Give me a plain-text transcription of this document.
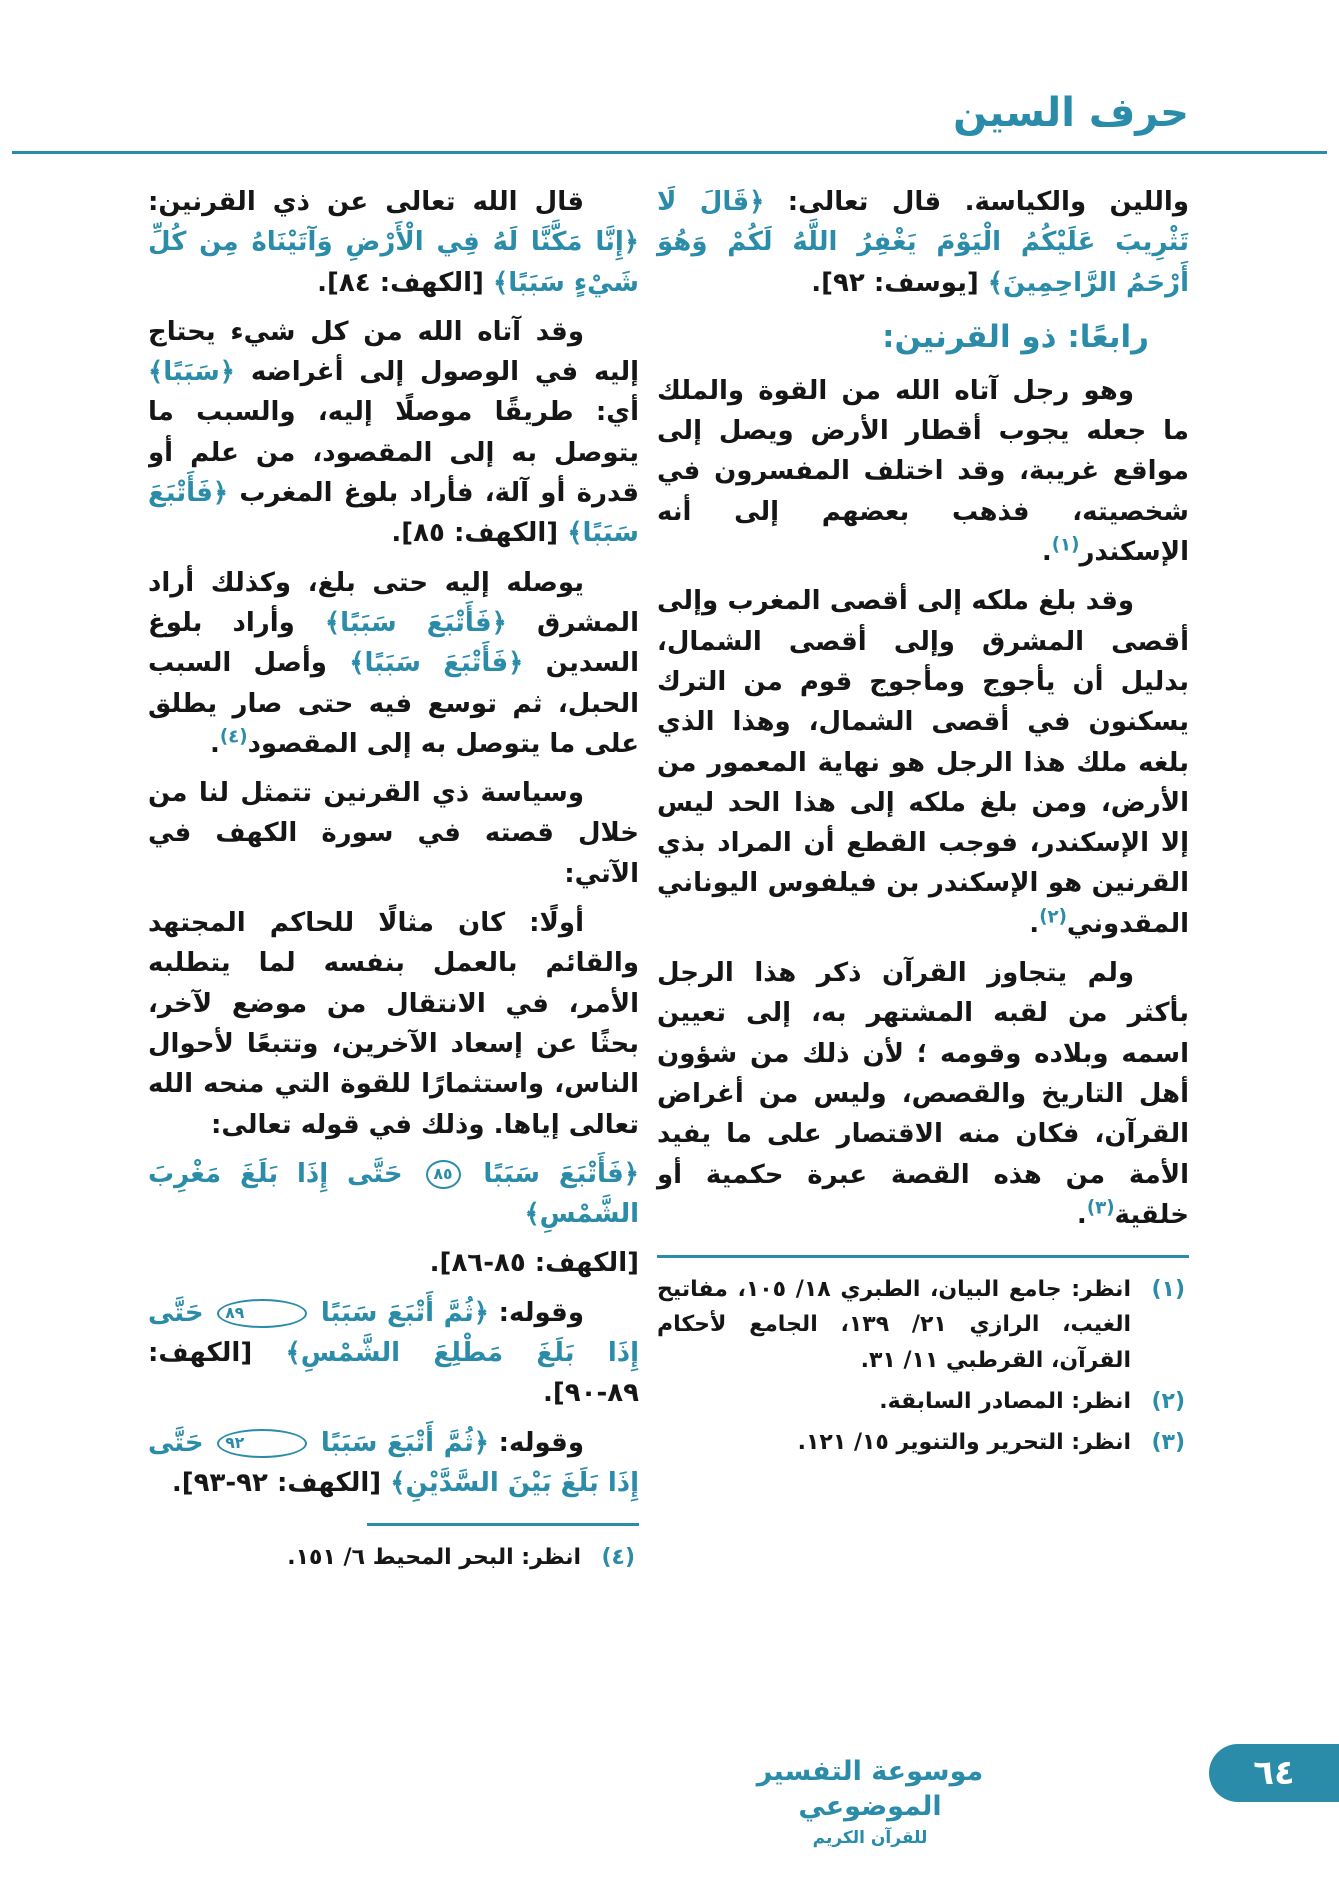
حرف السين

واللين والكياسة. قال تعالى: ﴿قَالَ لَا تَثْرِيبَ عَلَيْكُمُ الْيَوْمَ يَغْفِرُ اللَّهُ لَكُمْ وَهُوَ أَرْحَمُ الرَّاحِمِينَ﴾ [يوسف: ٩٢].

رابعًا: ذو القرنين:

وهو رجل آتاه الله من القوة والملك ما جعله يجوب أقطار الأرض ويصل إلى مواقع غريبة، وقد اختلف المفسرون في شخصيته، فذهب بعضهم إلى أنه الإسكندر$^{(١)}$.

وقد بلغ ملكه إلى أقصى المغرب وإلى أقصى المشرق وإلى أقصى الشمال، بدليل أن يأجوج ومأجوج قوم من الترك يسكنون في أقصى الشمال، وهذا الذي بلغه ملك هذا الرجل هو نهاية المعمور من الأرض، ومن بلغ ملكه إلى هذا الحد ليس إلا الإسكندر، فوجب القطع أن المراد بذي القرنين هو الإسكندر بن فيلفوس اليوناني المقدوني$^{(٢)}$.

ولم يتجاوز القرآن ذكر هذا الرجل بأكثر من لقبه المشتهر به، إلى تعيين اسمه وبلاده وقومه ؛ لأن ذلك من شؤون أهل التاريخ والقصص، وليس من أغراض القرآن، فكان منه الاقتصار على ما يفيد الأمة من هذه القصة عبرة حكمية أو خلقية$^{(٣)}$.

(١)
انظر: جامع البيان، الطبري ١٨/ ١٠٥، مفاتيح الغيب، الرازي ٢١/ ١٣٩، الجامع لأحكام القرآن، القرطبي ١١/ ٣١.

(٢)
انظر: المصادر السابقة.

(٣)
انظر: التحرير والتنوير ١٥/ ١٢١.

قال الله تعالى عن ذي القرنين: ﴿إِنَّا مَكَّنَّا لَهُ فِي الْأَرْضِ وَآتَيْنَاهُ مِن كُلِّ شَيْءٍ سَبَبًا﴾ [الكهف: ٨٤].

وقد آتاه الله من كل شيء يحتاج إليه في الوصول إلى أغراضه ﴿سَبَبًا﴾ أي: طريقًا موصلًا إليه، والسبب ما يتوصل به إلى المقصود، من علم أو قدرة أو آلة، فأراد بلوغ المغرب ﴿فَأَتْبَعَ سَبَبًا﴾ [الكهف: ٨٥].

يوصله إليه حتى بلغ، وكذلك أراد المشرق ﴿فَأَتْبَعَ سَبَبًا﴾ وأراد بلوغ السدين ﴿فَأَتْبَعَ سَبَبًا﴾ وأصل السبب الحبل، ثم توسع فيه حتى صار يطلق على ما يتوصل به إلى المقصود$^{(٤)}$.

وسياسة ذي القرنين تتمثل لنا من خلال قصته في سورة الكهف في الآتي:

أولًا: كان مثالًا للحاكم المجتهد والقائم بالعمل بنفسه لما يتطلبه الأمر، في الانتقال من موضع لآخر، بحثًا عن إسعاد الآخرين، وتتبعًا لأحوال الناس، واستثمارًا للقوة التي منحه الله تعالى إياها. وذلك في قوله تعالى:

﴿فَأَتْبَعَ سَبَبًا ٨٥ حَتَّى إِذَا بَلَغَ مَغْرِبَ الشَّمْسِ﴾

[الكهف: ٨٥-٨٦].

وقوله: ﴿ثُمَّ أَتْبَعَ سَبَبًا ٨٩ حَتَّى إِذَا بَلَغَ مَطْلِعَ الشَّمْسِ﴾ [الكهف: ٨٩-٩٠].

وقوله: ﴿ثُمَّ أَتْبَعَ سَبَبًا ٩٢ حَتَّى إِذَا بَلَغَ بَيْنَ السَّدَّيْنِ﴾ [الكهف: ٩٢-٩٣].

(٤)
انظر: البحر المحيط ٦/ ١٥١.

موسوعة التفسير الموضوعي
للقرآن الكريم
٦٤
